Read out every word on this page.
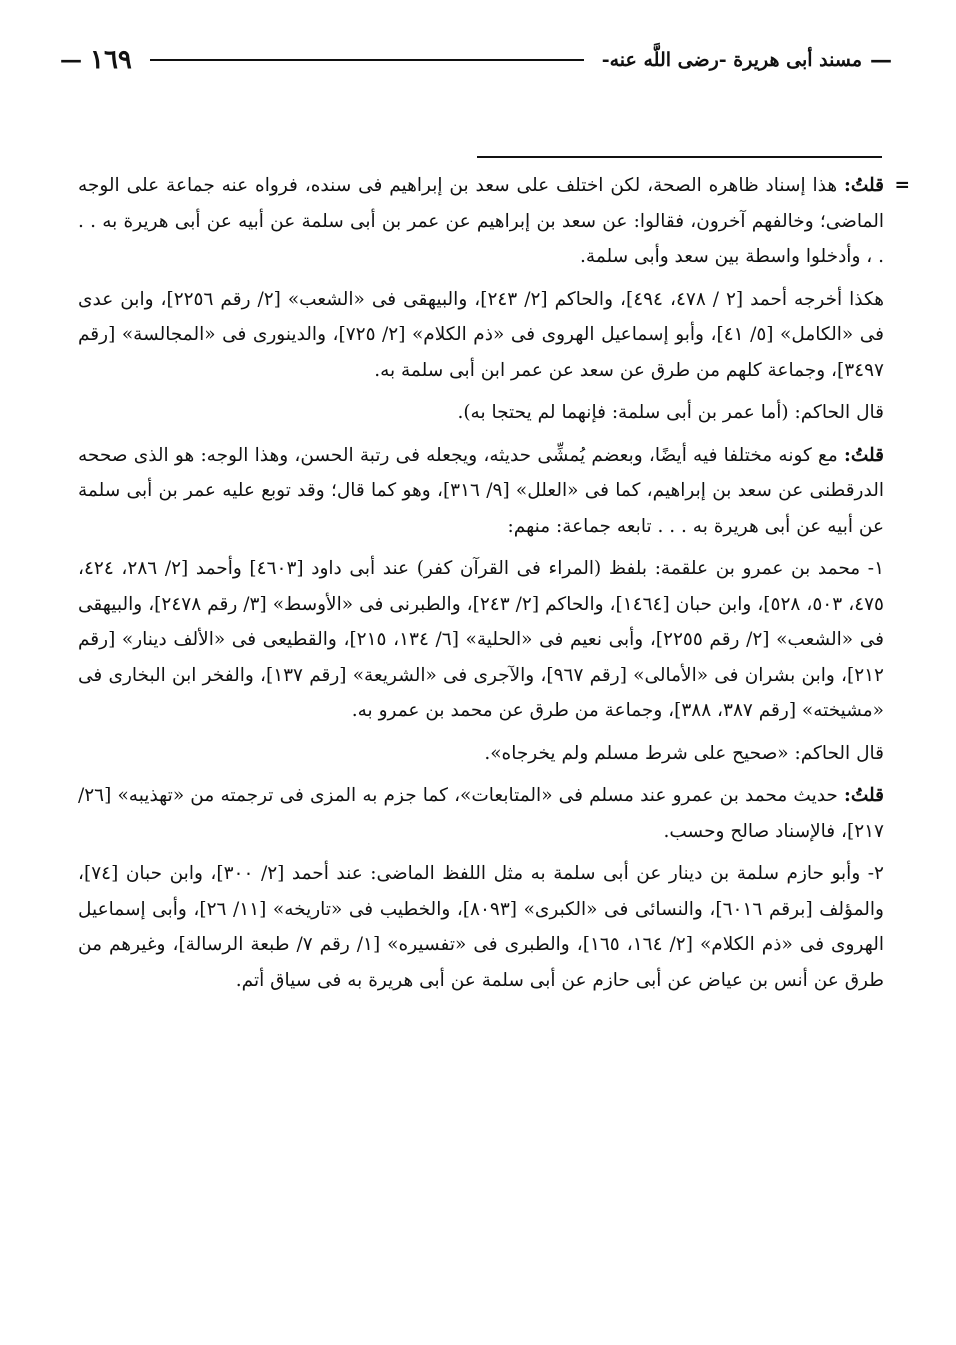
—
مسند أبى هريرة -رضى اللَّه عنه-
١٦٩
—

=
قلتُ: هذا إسناد ظاهره الصحة، لكن اختلف على سعد بن إبراهيم فى سنده، فرواه عنه جماعة على الوجه الماضى؛ وخالفهم آخرون، فقالوا: عن سعد بن إبراهيم عن عمر بن أبى سلمة عن أبيه عن أبى هريرة به . . . ، وأدخلوا واسطة بين سعد وأبى سلمة.

هكذا أخرجه أحمد [٢ / ٤٧٨، ٤٩٤]، والحاكم [٢/ ٢٤٣]، والبيهقى فى «الشعب» [٢/ رقم ٢٢٥٦]، وابن عدى فى «الكامل» [٥/ ٤١]، وأبو إسماعيل الهروى فى «ذم الكلام» [٢/ ٧٢٥]، والدينورى فى «المجالسة» [رقم ٣٤٩٧]، وجماعة كلهم من طرق عن سعد عن عمر ابن أبى سلمة به.

قال الحاكم: (أما عمر بن أبى سلمة: فإنهما لم يحتجا به).

قلتُ: مع كونه مختلفا فيه أيضًا، وبعضم يُمشِّى حديثه، ويجعله فى رتبة الحسن، وهذا الوجه: هو الذى صححه الدرقطنى عن سعد بن إبراهيم، كما فى «العلل» [٩/ ٣١٦]، وهو كما قال؛ وقد توبع عليه عمر بن أبى سلمة عن أبيه عن أبى هريرة به . . . تابعه جماعة: منهم:

١- محمد بن عمرو بن علقمة: بلفظ (المراء فى القرآن كفر) عند أبى داود [٤٦٠٣] وأحمد [٢/ ٢٨٦، ٤٢٤، ٤٧٥، ٥٠٣، ٥٢٨]، وابن حبان [١٤٦٤]، والحاكم [٢/ ٢٤٣]، والطبرنى فى «الأوسط» [٣/ رقم ٢٤٧٨]، والبيهقى فى «الشعب» [٢/ رقم ٢٢٥٥]، وأبى نعيم فى «الحلية» [٦/ ١٣٤، ٢١٥]، والقطيعى فى «الألف دينار» [رقم ٢١٢]، وابن بشران فى «الأمالى» [رقم ٩٦٧]، والآجرى فى «الشريعة» [رقم ١٣٧]، والفخر ابن البخارى فى «مشيخته» [رقم ٣٨٧، ٣٨٨]، وجماعة من طرق عن محمد بن عمرو به.

قال الحاكم: «صحيح على شرط مسلم ولم يخرجاه».

قلتُ: حديث محمد بن عمرو عند مسلم فى «المتابعات»، كما جزم به المزى فى ترجمته من «تهذيبه» [٢٦/ ٢١٧]، فالإسناد صالح وحسب.

٢- وأبو حازم سلمة بن دينار عن أبى سلمة به مثل اللفظ الماضى: عند أحمد [٢/ ٣٠٠]، وابن حبان [٧٤]، والمؤلف [برقم ٦٠١٦]، والنسائى فى «الكبرى» [٨٠٩٣]، والخطيب فى «تاريخه» [١١/ ٢٦]، وأبى إسماعيل الهروى فى «ذم الكلام» [٢/ ١٦٤، ١٦٥]، والطبرى فى «تفسيره» [١/ رقم ٧/ طبعة الرسالة]، وغيرهم من طرق عن أنس بن عياض عن أبى حازم عن أبى سلمة عن أبى هريرة به فى سياق أتم.
